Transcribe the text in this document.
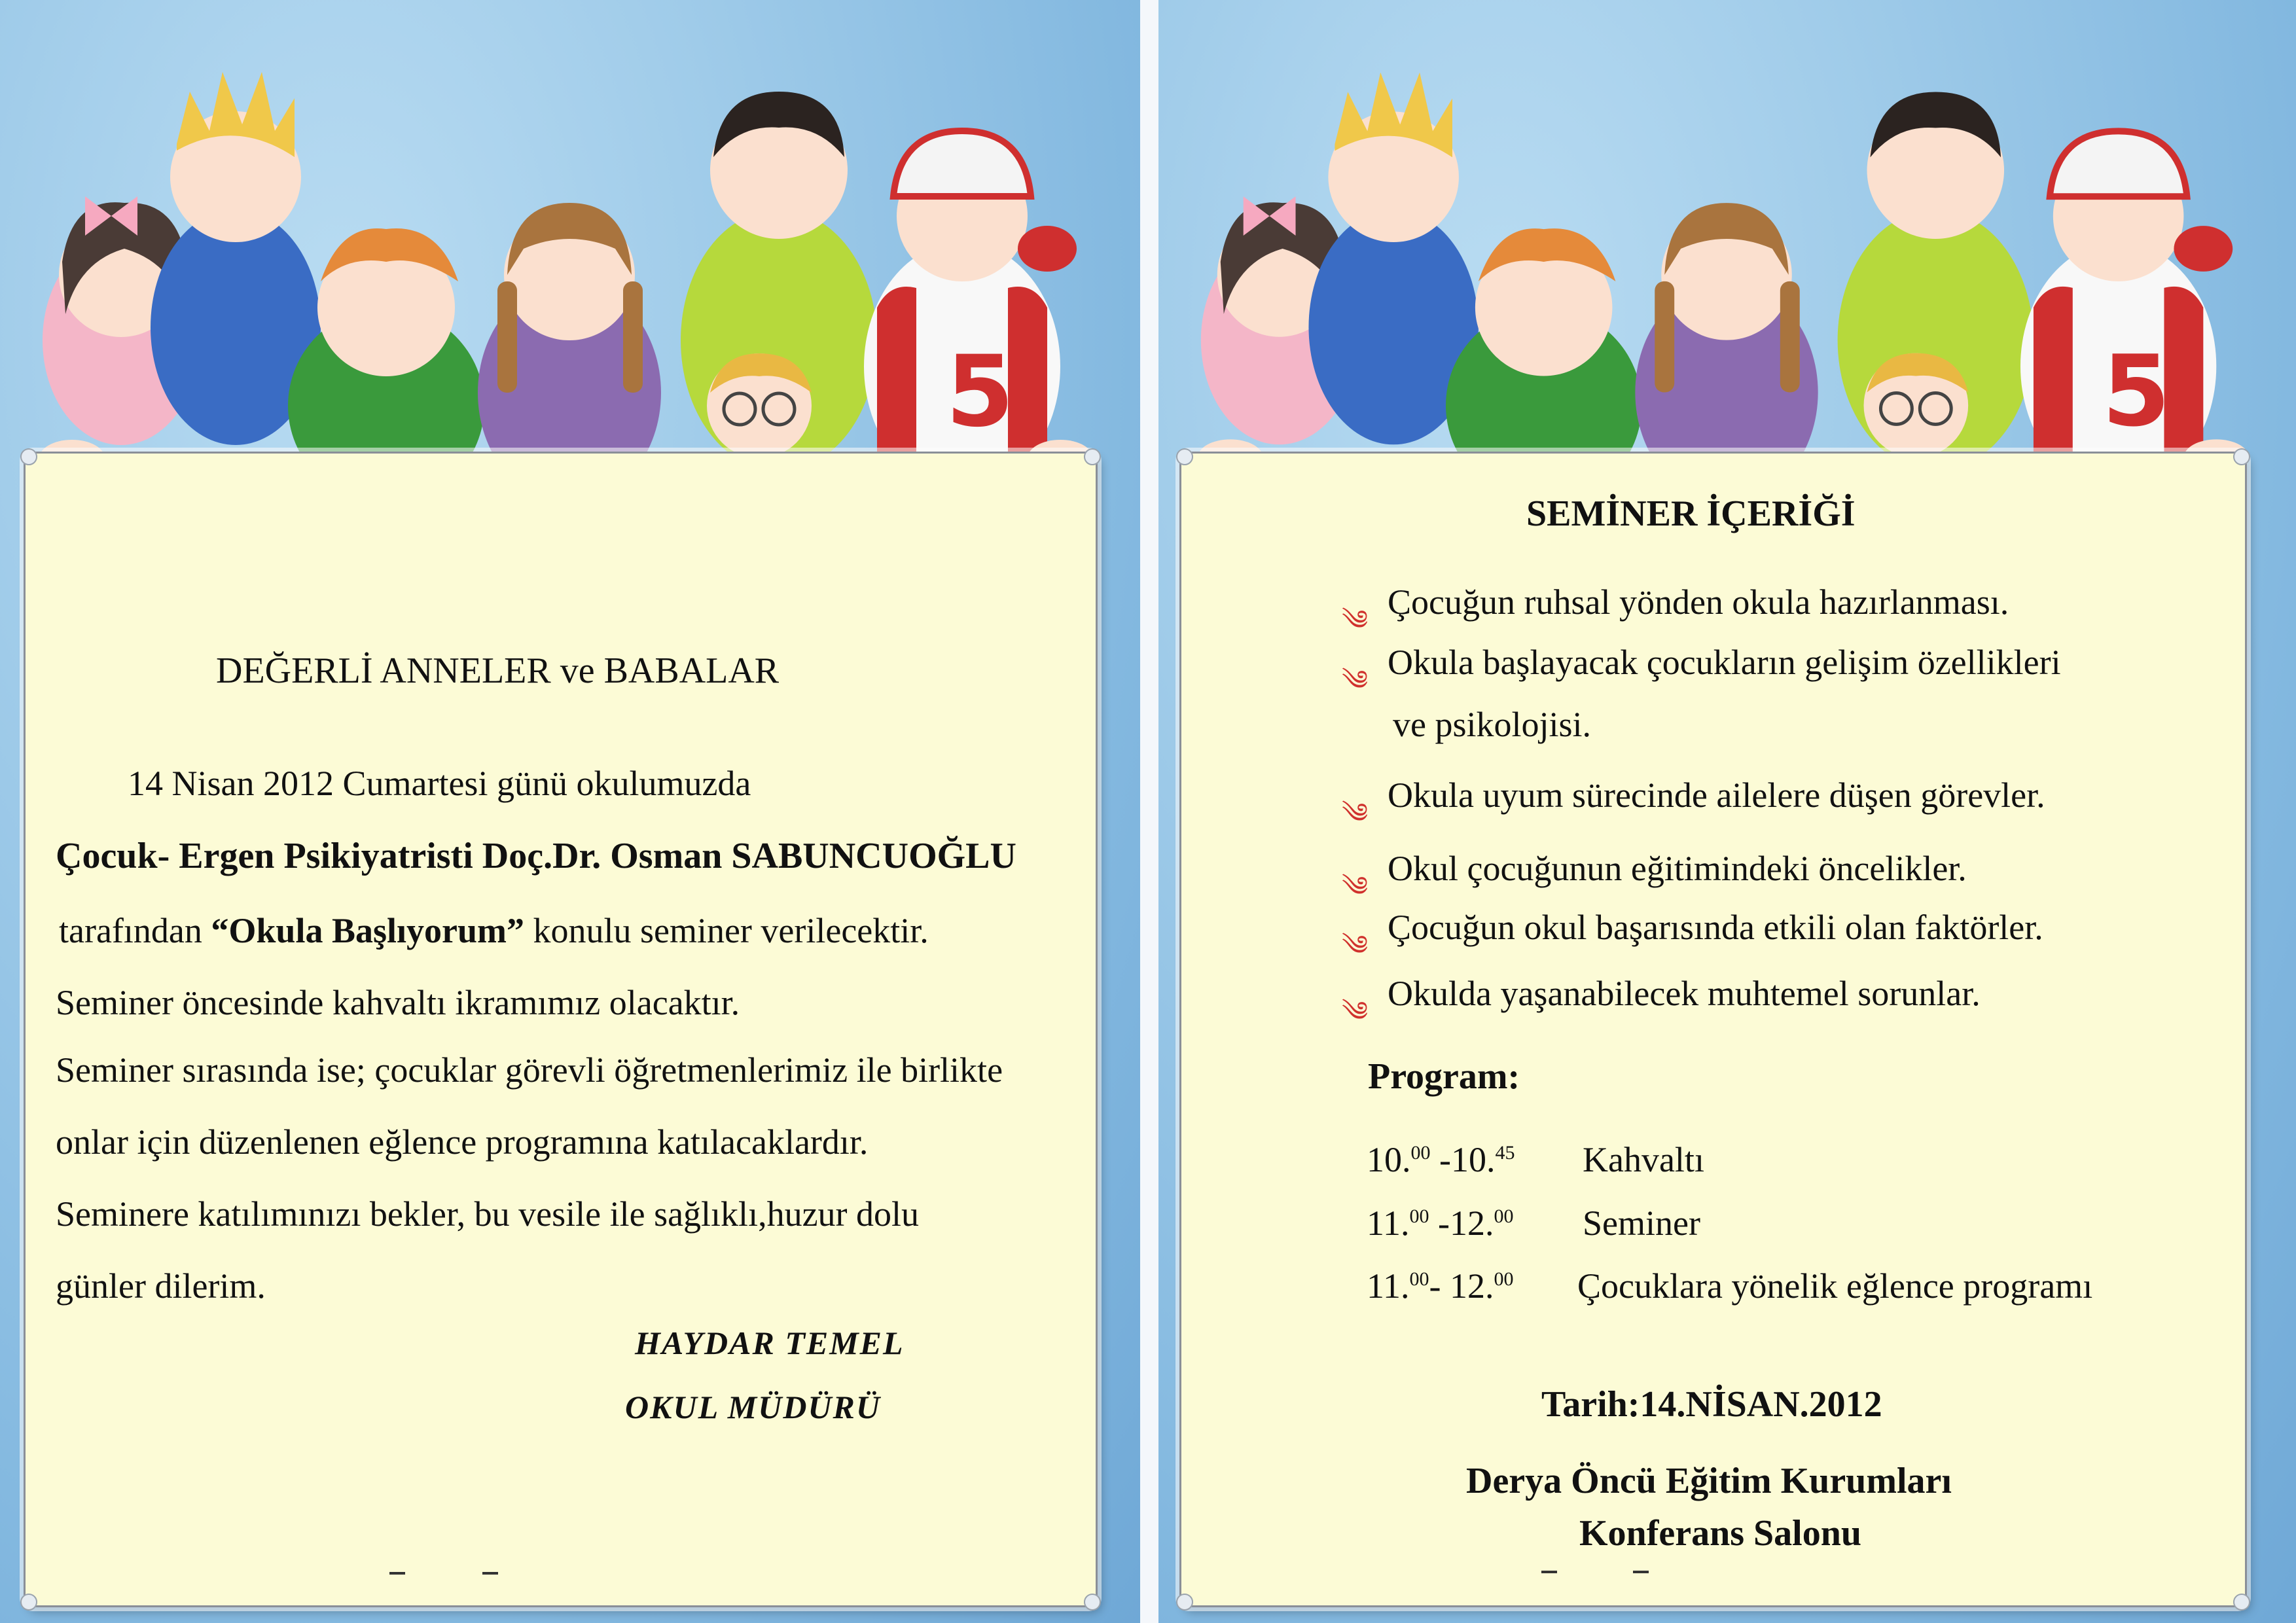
DEĞERLİ ANNELER ve BABALAR
14 Nisan 2012 Cumartesi günü okulumuzda
Çocuk- Ergen Psikiyatristi Doç.Dr. Osman SABUNCUOĞLU
tarafından “Okula Başlıyorum” konulu seminer verilecektir.
Seminer öncesinde kahvaltı ikramımız olacaktır.
Seminer sırasında ise; çocuklar görevli öğretmenlerimiz ile birlikte
onlar için düzenlenen eğlence programına katılacaklardır.
Seminere katılımınızı bekler, bu vesile ile sağlıklı,huzur dolu
günler dilerim.
HAYDAR TEMEL
OKUL MÜDÜRÜ
SEMİNER İÇERİĞİ
༄ Çocuğun ruhsal yönden okula hazırlanması.
༄ Okula başlayacak çocukların gelişim özellikleri
ve psikolojisi.
༄ Okula uyum sürecinde ailelere düşen görevler.
༄ Okul çocuğunun eğitimindeki öncelikler.
༄ Çocuğun okul başarısında etkili olan faktörler.
༄ Okulda yaşanabilecek muhtemel sorunlar.
Program:
10.00 -10.45 Kahvaltı
11.00 -12.00 Seminer
11.00- 12.00 Çocuklara yönelik eğlence programı
Tarih:14.NİSAN.2012
Derya Öncü Eğitim Kurumları
Konferans Salonu
